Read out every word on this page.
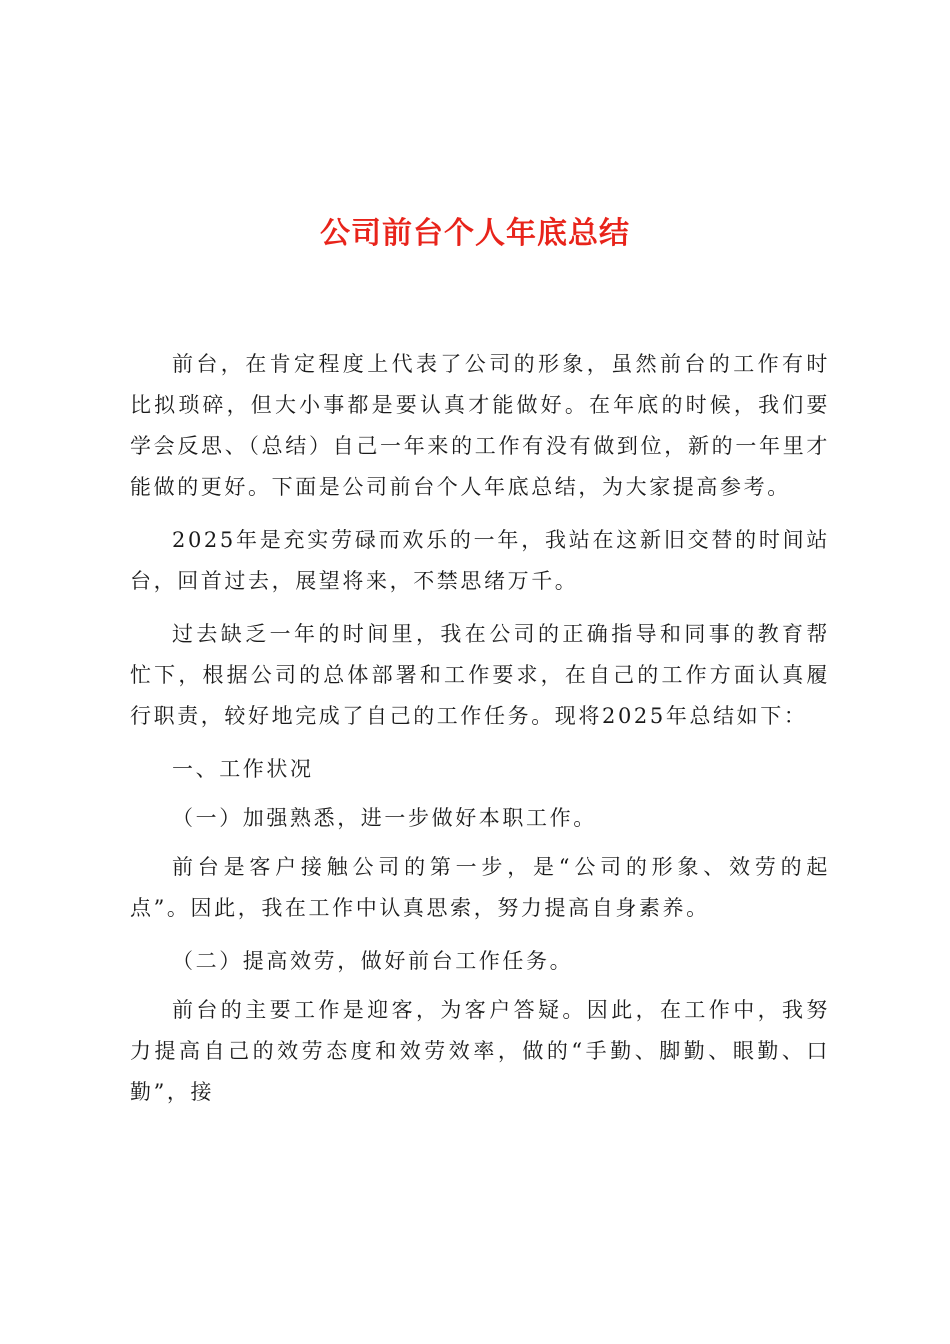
公司前台个人年底总结

前台，在肯定程度上代表了公司的形象，虽然前台的工作有时比拟琐碎，但大小事都是要认真才能做好。在年底的时候，我们要学会反思、（总结）自己一年来的工作有没有做到位，新的一年里才能做的更好。下面是公司前台个人年底总结，为大家提高参考。

2025年是充实劳碌而欢乐的一年，我站在这新旧交替的时间站台，回首过去，展望将来，不禁思绪万千。

过去缺乏一年的时间里，我在公司的正确指导和同事的教育帮忙下，根据公司的总体部署和工作要求，在自己的工作方面认真履行职责，较好地完成了自己的工作任务。现将2025年总结如下：

一、工作状况

（一）加强熟悉，进一步做好本职工作。

前台是客户接触公司的第一步，是“公司的形象、效劳的起点”。因此，我在工作中认真思索，努力提高自身素养。

（二）提高效劳，做好前台工作任务。

前台的主要工作是迎客，为客户答疑。因此，在工作中，我努力提高自己的效劳态度和效劳效率，做的“手勤、脚勤、眼勤、口勤”，接
